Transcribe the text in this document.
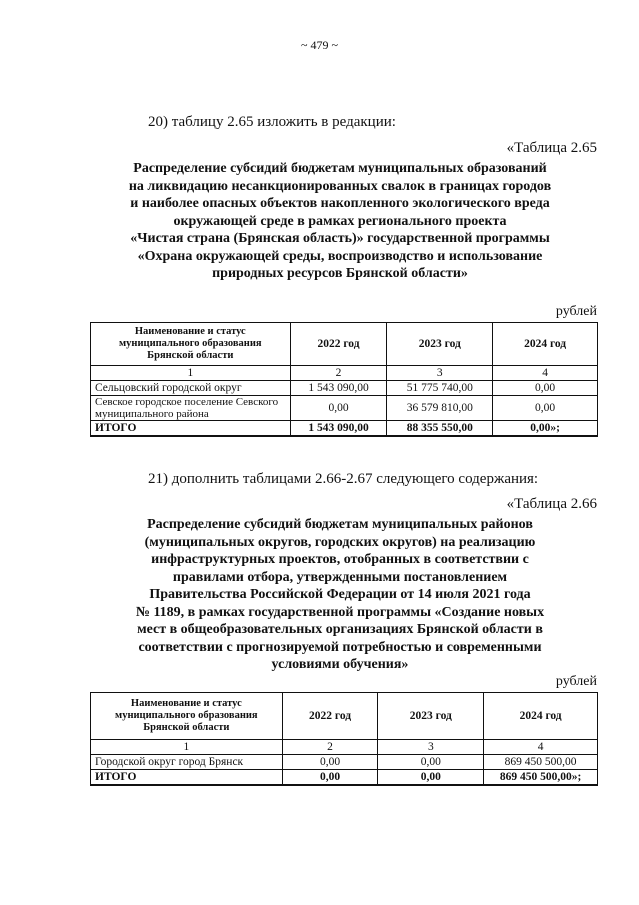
~ 479 ~
20) таблицу 2.65 изложить в редакции:
«Таблица 2.65
Распределение субсидий бюджетам муниципальных образований
на ликвидацию несанкционированных свалок в границах городов
и наиболее опасных объектов накопленного экологического вреда
окружающей среде в рамках регионального проекта
«Чистая страна (Брянская область)» государственной программы
«Охрана окружающей среды, воспроизводство и использование
природных ресурсов Брянской области»
рублей
Наименование и статус муниципального образования Брянской области	2022 год	2023 год	2024 год
1	2	3	4
Сельцовский городской округ	1 543 090,00	51 775 740,00	0,00
Севское городское поселение Севского муниципального района	0,00	36 579 810,00	0,00
ИТОГО	1 543 090,00	88 355 550,00	0,00»;
21) дополнить таблицами 2.66-2.67 следующего содержания:
«Таблица 2.66
Распределение субсидий бюджетам муниципальных районов
(муниципальных округов, городских округов) на реализацию
инфраструктурных проектов, отобранных в соответствии с
правилами отбора, утвержденными постановлением
Правительства Российской Федерации от 14 июля 2021 года
№ 1189, в рамках государственной программы «Создание новых
мест в общеобразовательных организациях Брянской области в
соответствии с прогнозируемой потребностью и современными
условиями обучения»
рублей
Наименование и статус муниципального образования Брянской области	2022 год	2023 год	2024 год
1	2	3	4
Городской округ город Брянск	0,00	0,00	869 450 500,00
ИТОГО	0,00	0,00	869 450 500,00»;
